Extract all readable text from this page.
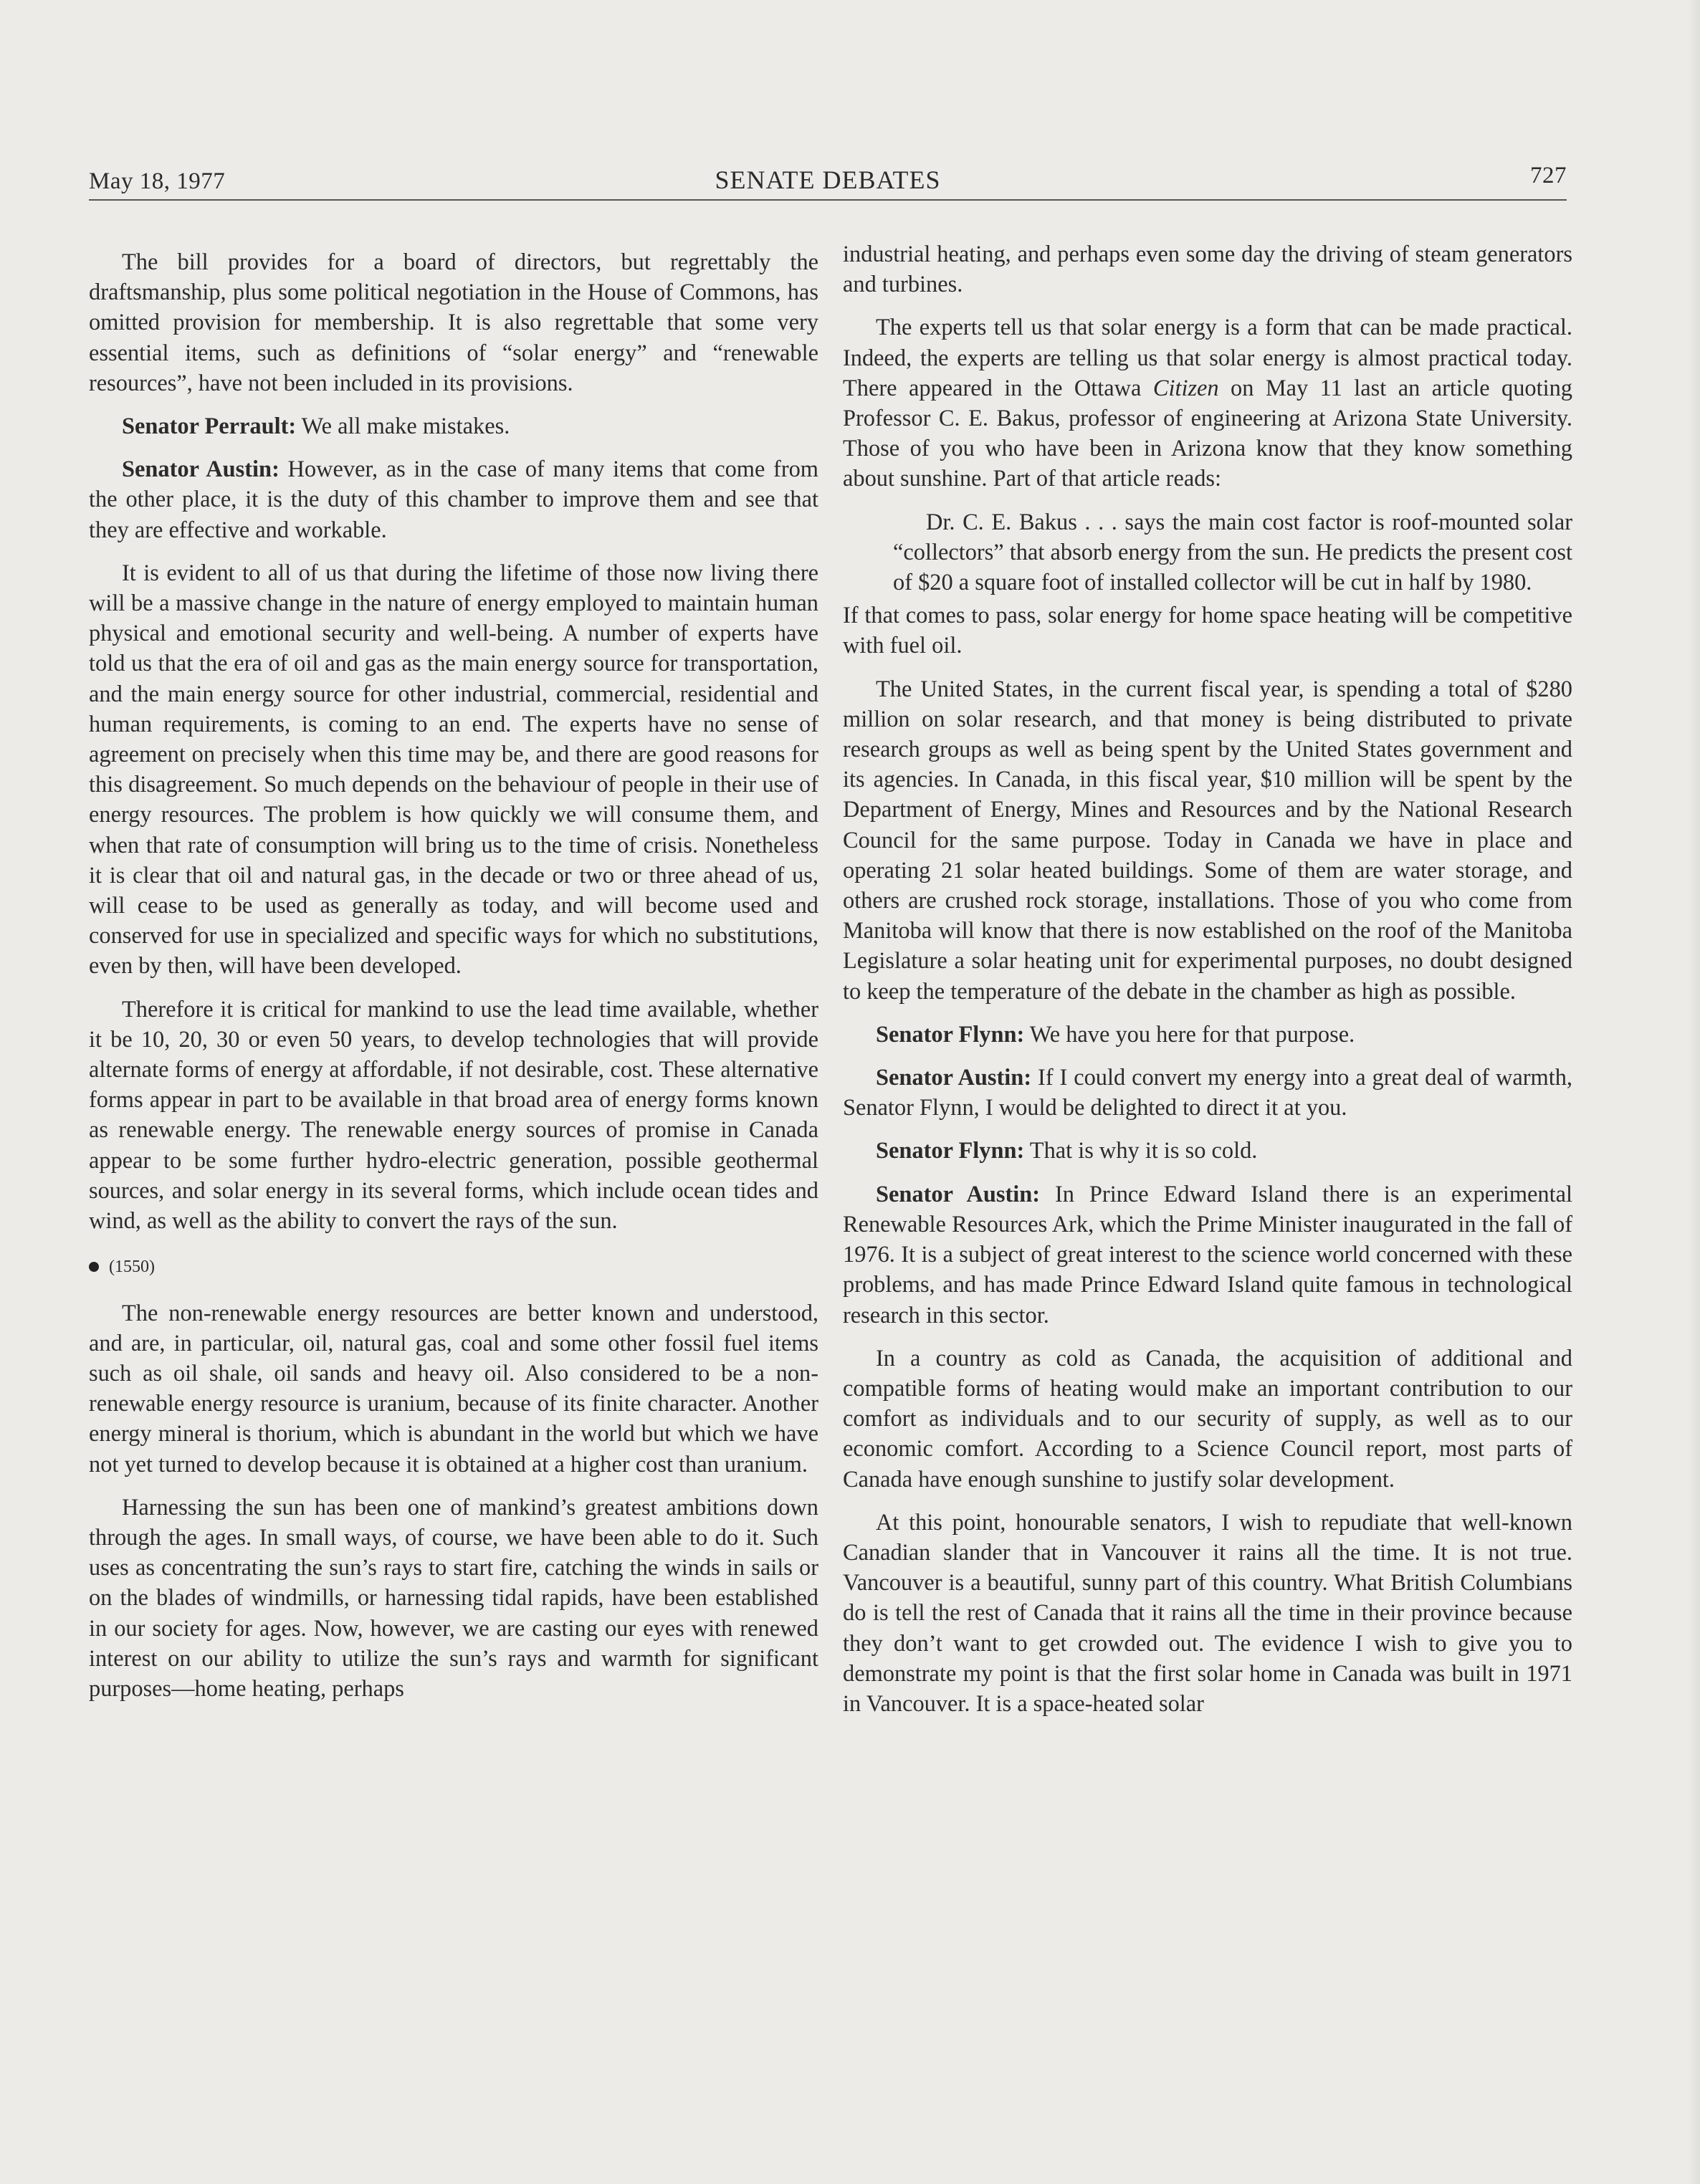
May 18, 1977	SENATE DEBATES	727

The bill provides for a board of directors, but regrettably the draftsmanship, plus some political negotiation in the House of Commons, has omitted provision for membership. It is also regrettable that some very essential items, such as definitions of “solar energy” and “renewable resources”, have not been included in its provisions.

Senator Perrault: We all make mistakes.

Senator Austin: However, as in the case of many items that come from the other place, it is the duty of this chamber to improve them and see that they are effective and workable.

It is evident to all of us that during the lifetime of those now living there will be a massive change in the nature of energy employed to maintain human physical and emotional security and well-being. A number of experts have told us that the era of oil and gas as the main energy source for transportation, and the main energy source for other industrial, commercial, residential and human requirements, is coming to an end. The experts have no sense of agreement on precisely when this time may be, and there are good reasons for this disagreement. So much depends on the behaviour of people in their use of energy resources. The problem is how quickly we will consume them, and when that rate of consumption will bring us to the time of crisis. Nonetheless it is clear that oil and natural gas, in the decade or two or three ahead of us, will cease to be used as generally as today, and will become used and conserved for use in specialized and specific ways for which no substitutions, even by then, will have been developed.

Therefore it is critical for mankind to use the lead time available, whether it be 10, 20, 30 or even 50 years, to develop technologies that will provide alternate forms of energy at affordable, if not desirable, cost. These alternative forms appear in part to be available in that broad area of energy forms known as renewable energy. The renewable energy sources of promise in Canada appear to be some further hydro-electric generation, possible geothermal sources, and solar energy in its several forms, which include ocean tides and wind, as well as the ability to convert the rays of the sun.

(1550)

The non-renewable energy resources are better known and understood, and are, in particular, oil, natural gas, coal and some other fossil fuel items such as oil shale, oil sands and heavy oil. Also considered to be a non-renewable energy resource is uranium, because of its finite character. Another energy mineral is thorium, which is abundant in the world but which we have not yet turned to develop because it is obtained at a higher cost than uranium.

Harnessing the sun has been one of mankind’s greatest ambitions down through the ages. In small ways, of course, we have been able to do it. Such uses as concentrating the sun’s rays to start fire, catching the winds in sails or on the blades of windmills, or harnessing tidal rapids, have been established in our society for ages. Now, however, we are casting our eyes with renewed interest on our ability to utilize the sun’s rays and warmth for significant purposes—home heating, perhaps

industrial heating, and perhaps even some day the driving of steam generators and turbines.

The experts tell us that solar energy is a form that can be made practical. Indeed, the experts are telling us that solar energy is almost practical today. There appeared in the Ottawa Citizen on May 11 last an article quoting Professor C. E. Bakus, professor of engineering at Arizona State University. Those of you who have been in Arizona know that they know something about sunshine. Part of that article reads:

Dr. C. E. Bakus . . . says the main cost factor is roof-mounted solar “collectors” that absorb energy from the sun. He predicts the present cost of $20 a square foot of installed collector will be cut in half by 1980.

If that comes to pass, solar energy for home space heating will be competitive with fuel oil.

The United States, in the current fiscal year, is spending a total of $280 million on solar research, and that money is being distributed to private research groups as well as being spent by the United States government and its agencies. In Canada, in this fiscal year, $10 million will be spent by the Department of Energy, Mines and Resources and by the National Research Council for the same purpose. Today in Canada we have in place and operating 21 solar heated buildings. Some of them are water storage, and others are crushed rock storage, installations. Those of you who come from Manitoba will know that there is now established on the roof of the Manitoba Legislature a solar heating unit for experimental purposes, no doubt designed to keep the temperature of the debate in the chamber as high as possible.

Senator Flynn: We have you here for that purpose.

Senator Austin: If I could convert my energy into a great deal of warmth, Senator Flynn, I would be delighted to direct it at you.

Senator Flynn: That is why it is so cold.

Senator Austin: In Prince Edward Island there is an experimental Renewable Resources Ark, which the Prime Minister inaugurated in the fall of 1976. It is a subject of great interest to the science world concerned with these problems, and has made Prince Edward Island quite famous in technological research in this sector.

In a country as cold as Canada, the acquisition of additional and compatible forms of heating would make an important contribution to our comfort as individuals and to our security of supply, as well as to our economic comfort. According to a Science Council report, most parts of Canada have enough sunshine to justify solar development.

At this point, honourable senators, I wish to repudiate that well-known Canadian slander that in Vancouver it rains all the time. It is not true. Vancouver is a beautiful, sunny part of this country. What British Columbians do is tell the rest of Canada that it rains all the time in their province because they don’t want to get crowded out. The evidence I wish to give you to demonstrate my point is that the first solar home in Canada was built in 1971 in Vancouver. It is a space-heated solar
